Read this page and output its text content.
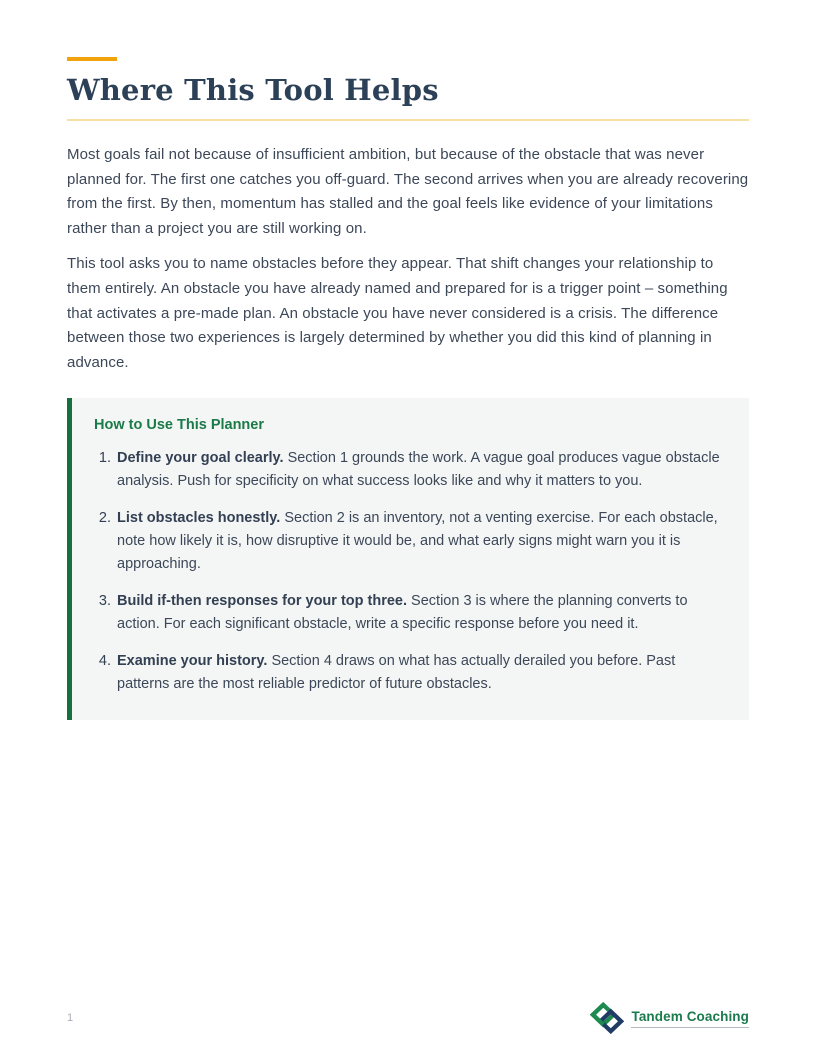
Where This Tool Helps

Most goals fail not because of insufficient ambition, but because of the obstacle that was never planned for. The first one catches you off-guard. The second arrives when you are already recovering from the first. By then, momentum has stalled and the goal feels like evidence of your limitations rather than a project you are still working on.

This tool asks you to name obstacles before they appear. That shift changes your relationship to them entirely. An obstacle you have already named and prepared for is a trigger point – something that activates a pre-made plan. An obstacle you have never considered is a crisis. The difference between those two experiences is largely determined by whether you did this kind of planning in advance.

How to Use This Planner
1. Define your goal clearly. Section 1 grounds the work. A vague goal produces vague obstacle analysis. Push for specificity on what success looks like and why it matters to you.
2. List obstacles honestly. Section 2 is an inventory, not a venting exercise. For each obstacle, note how likely it is, how disruptive it would be, and what early signs might warn you it is approaching.
3. Build if-then responses for your top three. Section 3 is where the planning converts to action. For each significant obstacle, write a specific response before you need it.
4. Examine your history. Section 4 draws on what has actually derailed you before. Past patterns are the most reliable predictor of future obstacles.
1	Tandem Coaching
